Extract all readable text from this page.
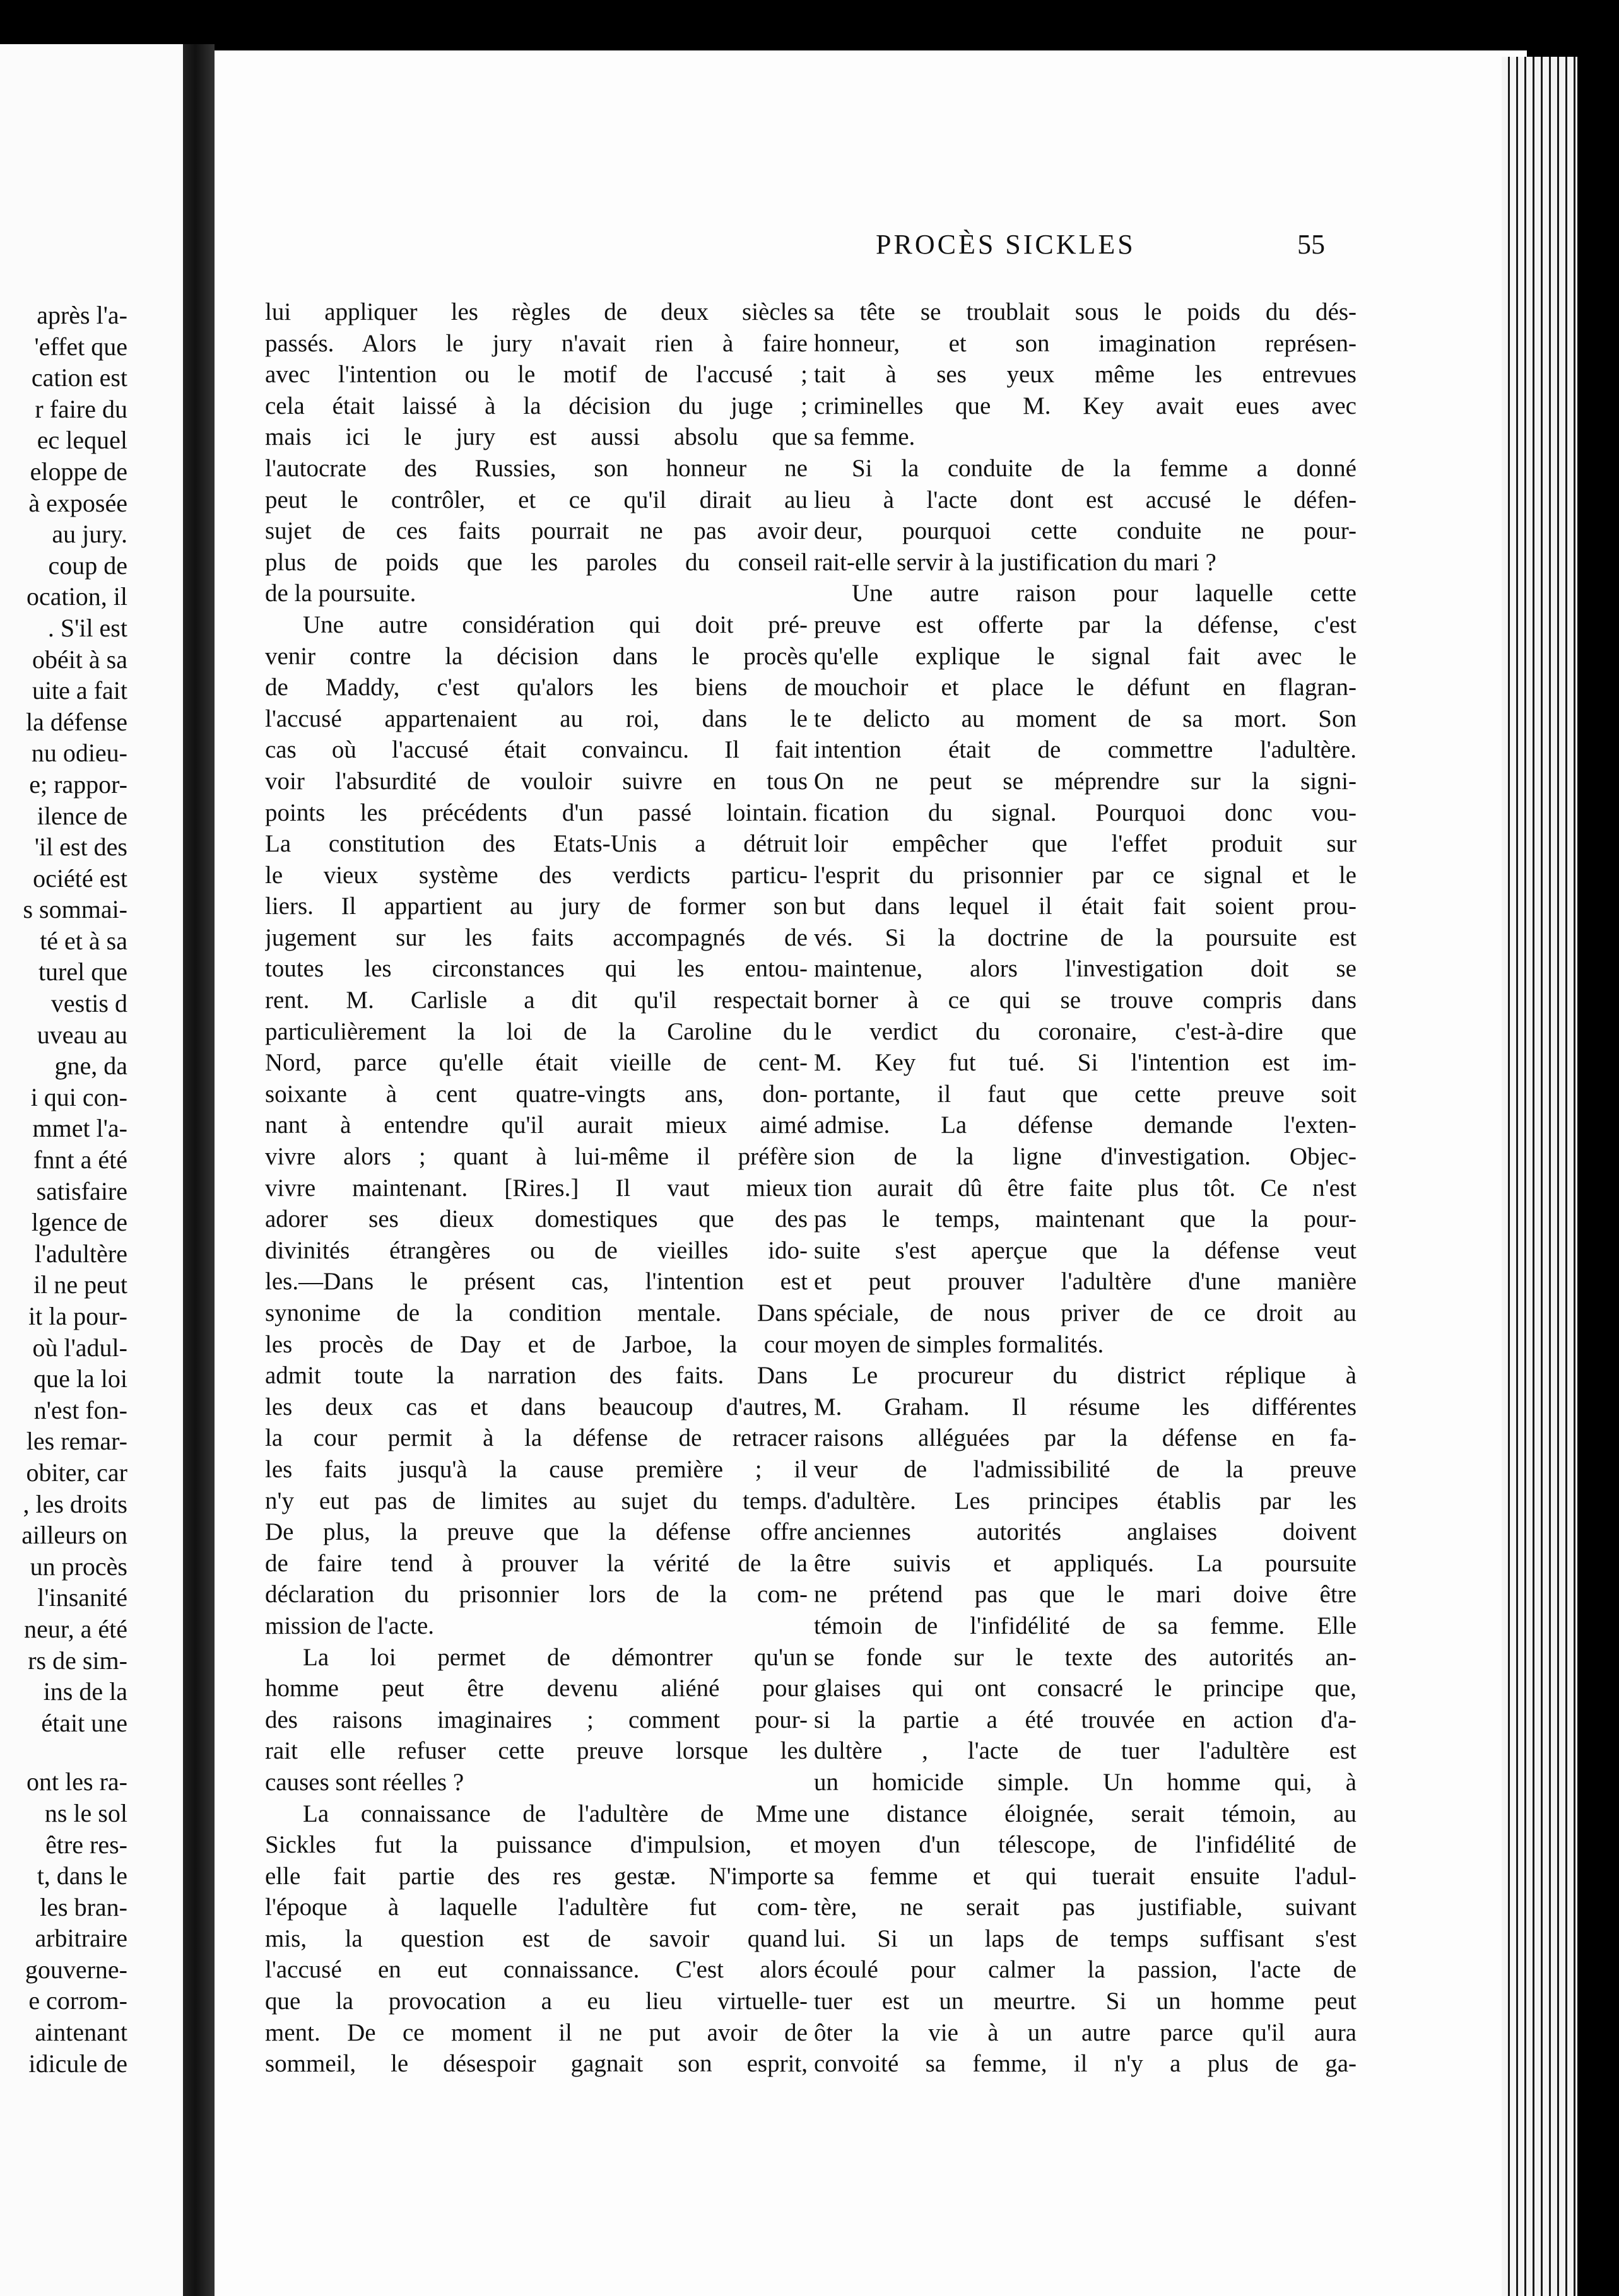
après l'a-
'effet que
cation est
r faire du
ec lequel
eloppe de
à exposée
au jury.
coup de
ocation, il
. S'il est
obéit à sa
uite a fait
la défense
nu odieu-
e; rappor-
ilence de
'il est des
ociété est
s sommai-
té et à sa
turel que
vestis d
uveau au
gne, da
i qui con-
mmet l'a-
fnnt a été
satisfaire
lgence de
l'adultère
il ne peut
it la pour-
où l'adul-
que la loi
n'est fon-
les remar-
obiter, car
, les droits
ailleurs on
un procès
l'insanité
neur, a été
rs de sim-
ins de la
était une
ont les ra-
ns le sol
être res-
t, dans le
les bran-
arbitraire
gouverne-
e corrom-
aintenant
idicule de
PROCÈS SICKLES	55
lui appliquer les règles de deux siècles
passés. Alors le jury n'avait rien à faire
avec l'intention ou le motif de l'accusé ;
cela était laissé à la décision du juge ;
mais ici le jury est aussi absolu que
l'autocrate des Russies, son honneur ne
peut le contrôler, et ce qu'il dirait au
sujet de ces faits pourrait ne pas avoir
plus de poids que les paroles du conseil
de la poursuite.
Une autre considération qui doit pré-
venir contre la décision dans le procès
de Maddy, c'est qu'alors les biens de
l'accusé appartenaient au roi, dans le
cas où l'accusé était convaincu. Il fait
voir l'absurdité de vouloir suivre en tous
points les précédents d'un passé lointain.
La constitution des Etats-Unis a détruit
le vieux système des verdicts particu-
liers. Il appartient au jury de former son
jugement sur les faits accompagnés de
toutes les circonstances qui les entou-
rent. M. Carlisle a dit qu'il respectait
particulièrement la loi de la Caroline du
Nord, parce qu'elle était vieille de cent-
soixante à cent quatre-vingts ans, don-
nant à entendre qu'il aurait mieux aimé
vivre alors ; quant à lui-même il préfère
vivre maintenant. [Rires.] Il vaut mieux
adorer ses dieux domestiques que des
divinités étrangères ou de vieilles ido-
les.—Dans le présent cas, l'intention est
synonime de la condition mentale. Dans
les procès de Day et de Jarboe, la cour
admit toute la narration des faits. Dans
les deux cas et dans beaucoup d'autres,
la cour permit à la défense de retracer
les faits jusqu'à la cause première ; il
n'y eut pas de limites au sujet du temps.
De plus, la preuve que la défense offre
de faire tend à prouver la vérité de la
déclaration du prisonnier lors de la com-
mission de l'acte.
La loi permet de démontrer qu'un
homme peut être devenu aliéné pour
des raisons imaginaires ; comment pour-
rait elle refuser cette preuve lorsque les
causes sont réelles ?
La connaissance de l'adultère de Mme
Sickles fut la puissance d'impulsion, et
elle fait partie des res gestæ. N'importe
l'époque à laquelle l'adultère fut com-
mis, la question est de savoir quand
l'accusé en eut connaissance. C'est alors
que la provocation a eu lieu virtuelle-
ment. De ce moment il ne put avoir de
sommeil, le désespoir gagnait son esprit,
sa tête se troublait sous le poids du dés-
honneur, et son imagination représen-
tait à ses yeux même les entrevues
criminelles que M. Key avait eues avec
sa femme.
Si la conduite de la femme a donné
lieu à l'acte dont est accusé le défen-
deur, pourquoi cette conduite ne pour-
rait-elle servir à la justification du mari ?
Une autre raison pour laquelle cette
preuve est offerte par la défense, c'est
qu'elle explique le signal fait avec le
mouchoir et place le défunt en flagran-
te delicto au moment de sa mort. Son
intention était de commettre l'adultère.
On ne peut se méprendre sur la signi-
fication du signal. Pourquoi donc vou-
loir empêcher que l'effet produit sur
l'esprit du prisonnier par ce signal et le
but dans lequel il était fait soient prou-
vés. Si la doctrine de la poursuite est
maintenue, alors l'investigation doit se
borner à ce qui se trouve compris dans
le verdict du coronaire, c'est-à-dire que
M. Key fut tué. Si l'intention est im-
portante, il faut que cette preuve soit
admise. La défense demande l'exten-
sion de la ligne d'investigation. Objec-
tion aurait dû être faite plus tôt. Ce n'est
pas le temps, maintenant que la pour-
suite s'est aperçue que la défense veut
et peut prouver l'adultère d'une manière
spéciale, de nous priver de ce droit au
moyen de simples formalités.
Le procureur du district réplique à
M. Graham. Il résume les différentes
raisons alléguées par la défense en fa-
veur de l'admissibilité de la preuve
d'adultère. Les principes établis par les
anciennes autorités anglaises doivent
être suivis et appliqués. La poursuite
ne prétend pas que le mari doive être
témoin de l'infidélité de sa femme. Elle
se fonde sur le texte des autorités an-
glaises qui ont consacré le principe que,
si la partie a été trouvée en action d'a-
dultère , l'acte de tuer l'adultère est
un homicide simple. Un homme qui, à
une distance éloignée, serait témoin, au
moyen d'un télescope, de l'infidélité de
sa femme et qui tuerait ensuite l'adul-
tère, ne serait pas justifiable, suivant
lui. Si un laps de temps suffisant s'est
écoulé pour calmer la passion, l'acte de
tuer est un meurtre. Si un homme peut
ôter la vie à un autre parce qu'il aura
convoité sa femme, il n'y a plus de ga-
